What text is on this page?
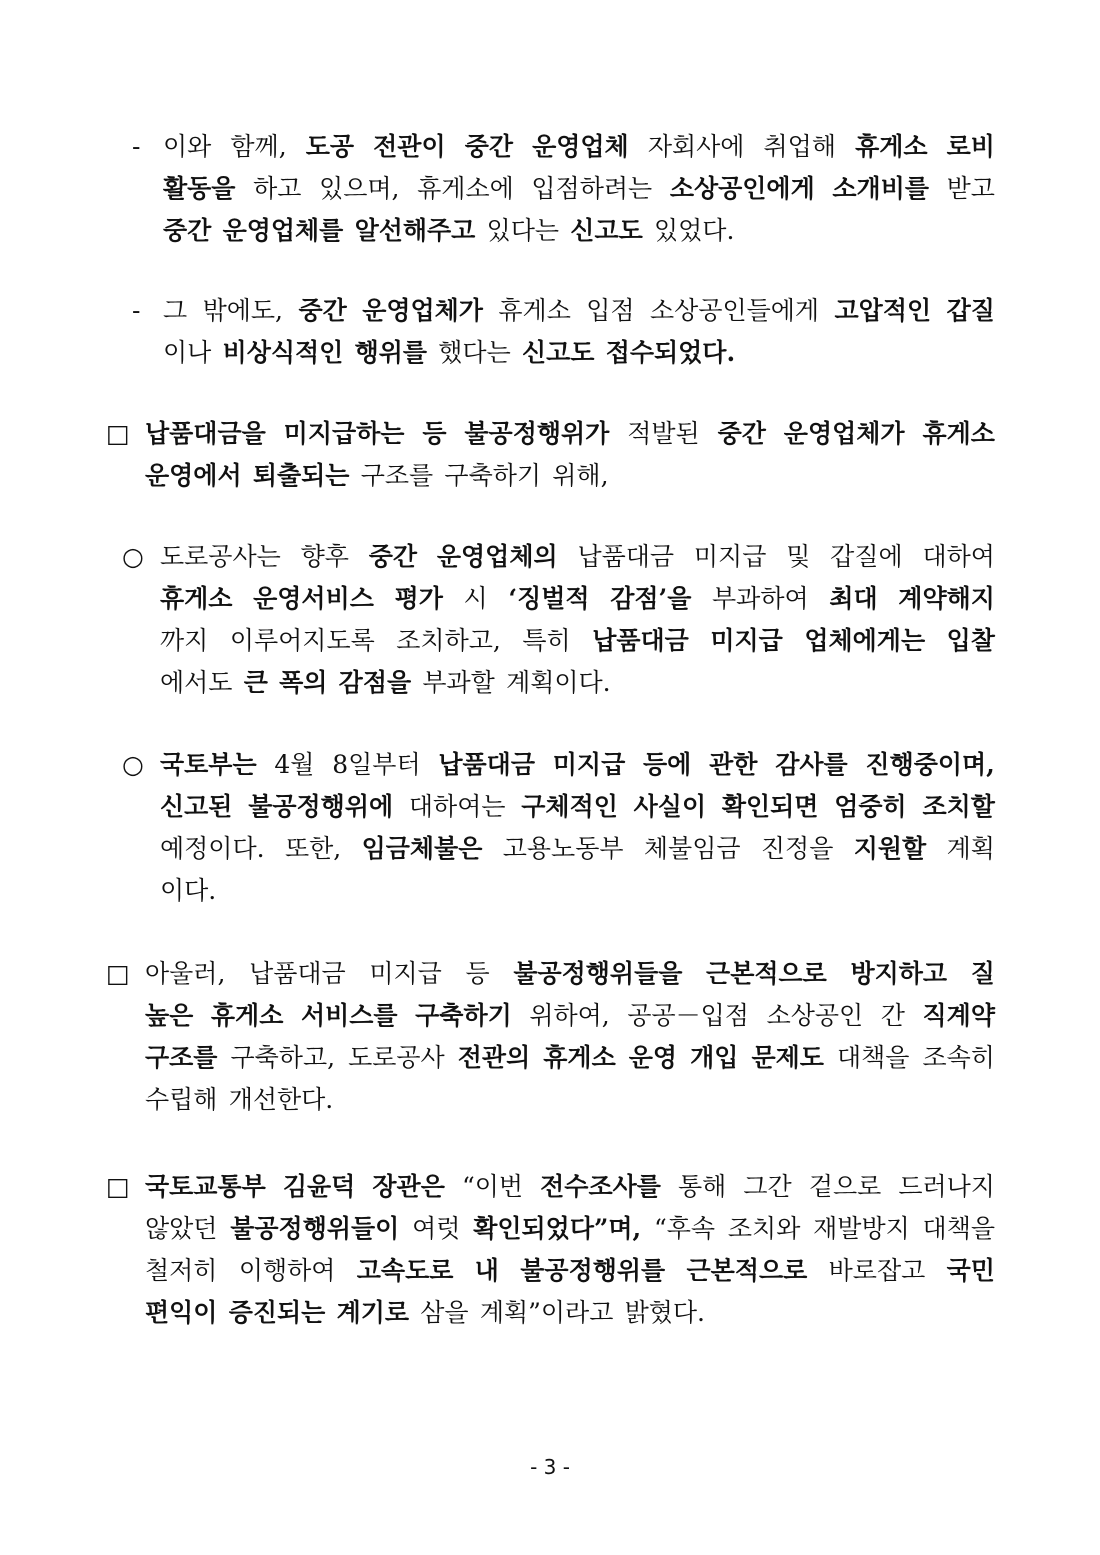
- 이와 함께, 도공 전관이 중간 운영업체 자회사에 취업해 휴게소 로비
활동을 하고 있으며, 휴게소에 입점하려는 소상공인에게 소개비를 받고
중간 운영업체를 알선해주고 있다는 신고도 있었다.
- 그 밖에도, 중간 운영업체가 휴게소 입점 소상공인들에게 고압적인 갑질
이나 비상식적인 행위를 했다는 신고도 접수되었다.
□ 납품대금을 미지급하는 등 불공정행위가 적발된 중간 운영업체가 휴게소
운영에서 퇴출되는 구조를 구축하기 위해,
○ 도로공사는 향후 중간 운영업체의 납품대금 미지급 및 갑질에 대하여
휴게소 운영서비스 평가 시 ‘징벌적 감점’을 부과하여 최대 계약해지
까지 이루어지도록 조치하고, 특히 납품대금 미지급 업체에게는 입찰
에서도 큰 폭의 감점을 부과할 계획이다.
○ 국토부는 4월 8일부터 납품대금 미지급 등에 관한 감사를 진행중이며,
신고된 불공정행위에 대하여는 구체적인 사실이 확인되면 엄중히 조치할
예정이다. 또한, 임금체불은 고용노동부 체불임금 진정을 지원할 계획
이다.
□ 아울러, 납품대금 미지급 등 불공정행위들을 근본적으로 방지하고 질
높은 휴게소 서비스를 구축하기 위하여, 공공－입점 소상공인 간 직계약
구조를 구축하고, 도로공사 전관의 휴게소 운영 개입 문제도 대책을 조속히
수립해 개선한다.
□ 국토교통부 김윤덕 장관은 “이번 전수조사를 통해 그간 겉으로 드러나지
않았던 불공정행위들이 여럿 확인되었다”며, “후속 조치와 재발방지 대책을
철저히 이행하여 고속도로 내 불공정행위를 근본적으로 바로잡고 국민
편익이 증진되는 계기로 삼을 계획”이라고 밝혔다.
- 3 -
